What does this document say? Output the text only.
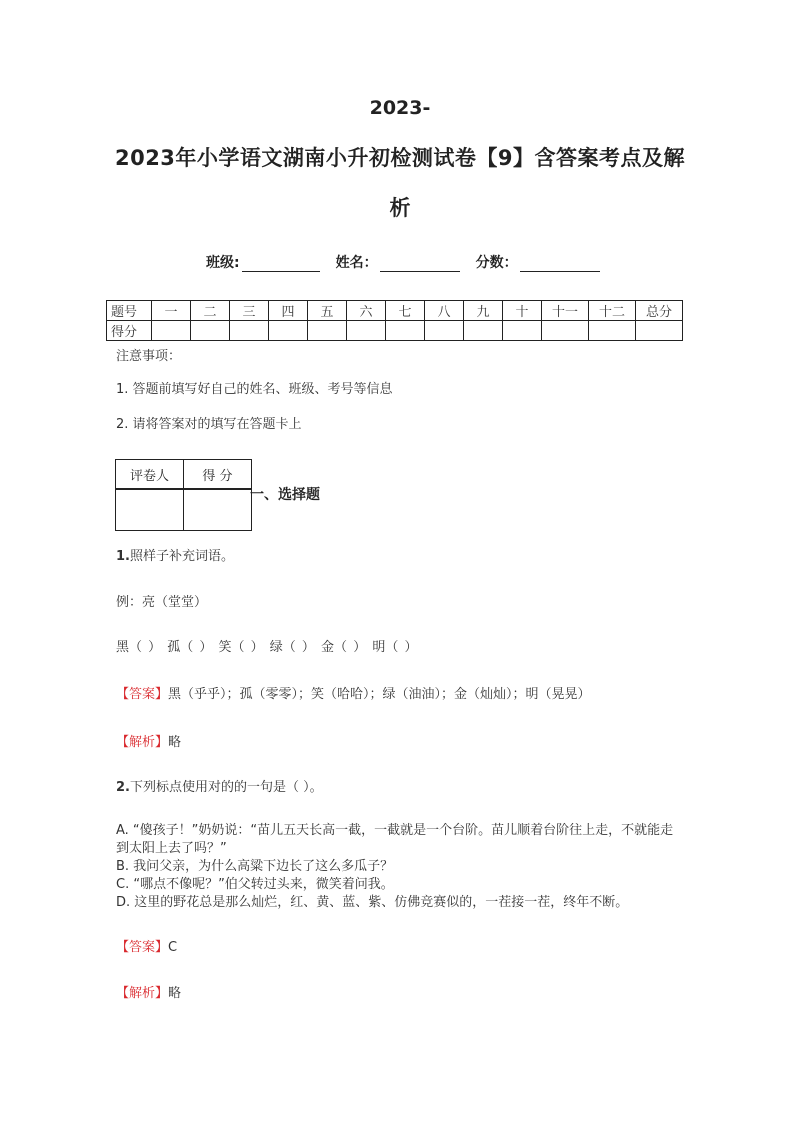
2023-
2023年小学语文湖南小升初检测试卷【9】含答案考点及解
析
班级:	姓名：	分数：
题号	一	二	三	四	五	六	七	八	九	十	十一	十二	总分
得分													
注意事项：
1. 答题前填写好自己的姓名、班级、考号等信息
2. 请将答案对的填写在答题卡上
评卷人	得 分

一、选择题
1.照样子补充词语。
例：亮（堂堂）
黑（ ） 孤（ ） 笑（ ） 绿（ ） 金（ ） 明（ ）
【答案】黑（乎乎）；孤（零零）；笑（哈哈）；绿（油油）；金（灿灿）；明（晃晃）
【解析】略
2.下列标点使用对的的一句是（ ）。
A. “傻孩子！”奶奶说：“苗儿五天长高一截，一截就是一个台阶。苗儿顺着台阶往上走，不就能走到太阳上去了吗？”
B. 我问父亲，为什么高粱下边长了这么多瓜子？
C. “哪点不像呢？”伯父转过头来，微笑着问我。
D. 这里的野花总是那么灿烂，红、黄、蓝、紫、仿佛竞赛似的，一茬接一茬，终年不断。
【答案】C
【解析】略
